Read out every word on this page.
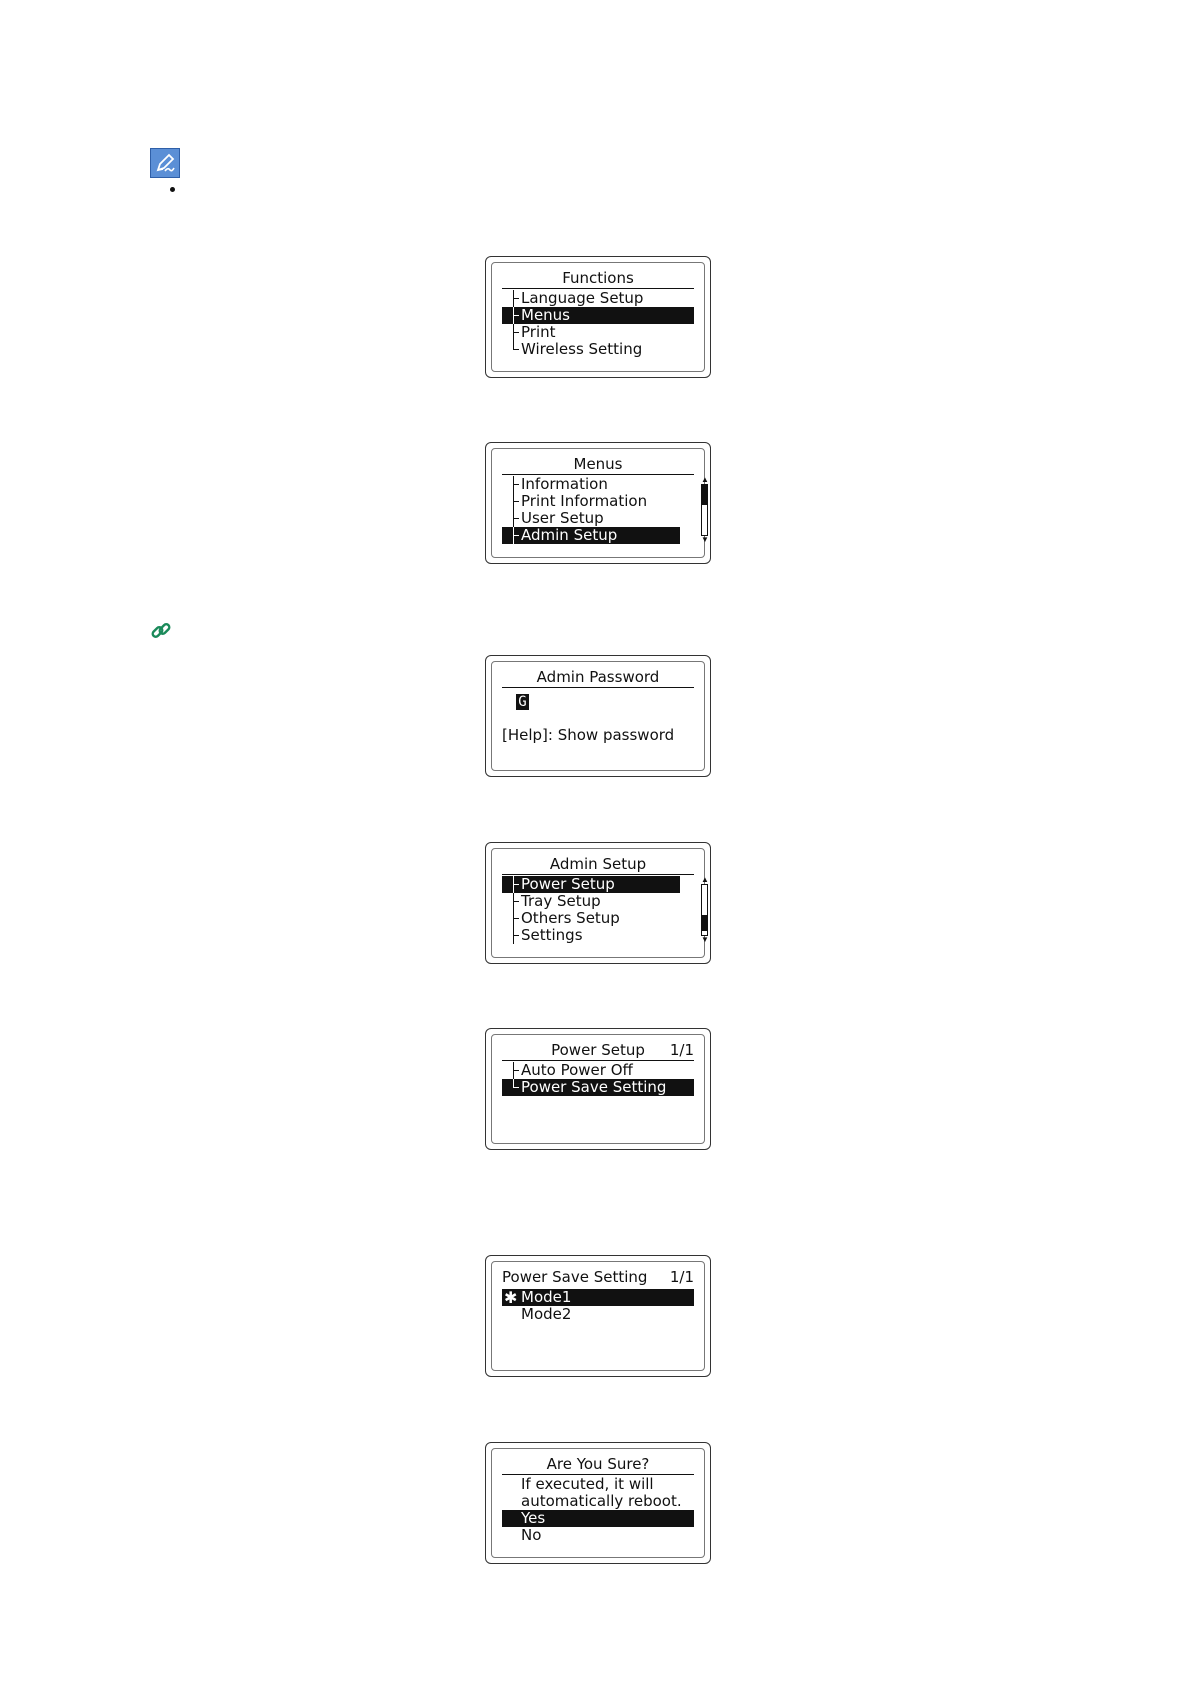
Functions
Language Setup
Menus
Print
Wireless Setting
Menus
Information
Print Information
User Setup
Admin Setup
▲
▼
Admin Password
G
[Help]: Show password
Admin Setup
Power Setup
Tray Setup
Others Setup
Settings
▲
▼
Power Setup 1/1
Auto Power Off
Power Save Setting
Power Save Setting 1/1
✱ Mode1
Mode2
Are You Sure?
If executed, it will
automatically reboot.
Yes
No
